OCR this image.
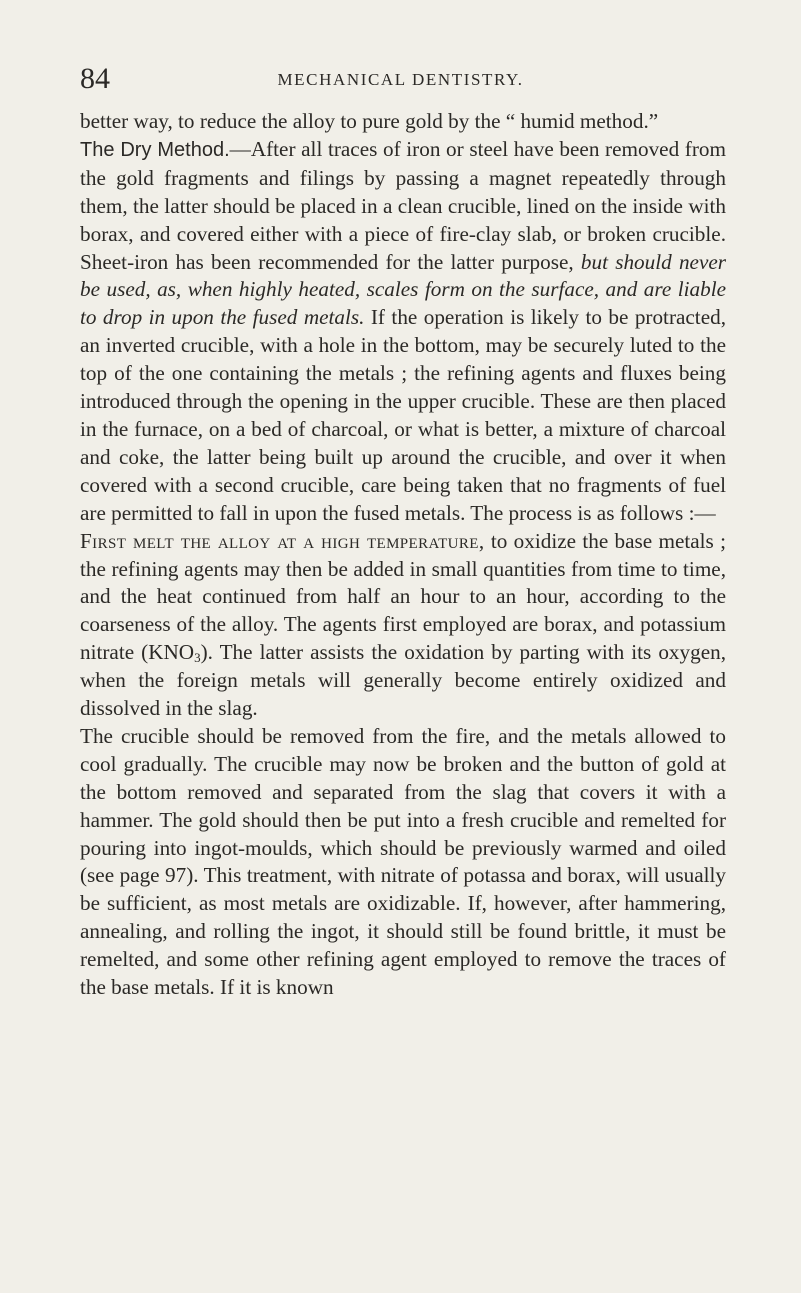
84	MECHANICAL DENTISTRY.

better way, to reduce the alloy to pure gold by the “ humid method.”

The Dry Method.—After all traces of iron or steel have been removed from the gold fragments and filings by passing a magnet repeatedly through them, the latter should be placed in a clean crucible, lined on the inside with borax, and covered either with a piece of fire-clay slab, or broken crucible. Sheet-iron has been recommended for the latter purpose, but should never be used, as, when highly heated, scales form on the surface, and are liable to drop in upon the fused metals. If the operation is likely to be protracted, an inverted crucible, with a hole in the bottom, may be securely luted to the top of the one containing the metals ; the refining agents and fluxes being introduced through the opening in the upper crucible. These are then placed in the furnace, on a bed of charcoal, or what is better, a mixture of charcoal and coke, the latter being built up around the crucible, and over it when covered with a second crucible, care being taken that no fragments of fuel are permitted to fall in upon the fused metals. The process is as follows :—

First melt the alloy at a high temperature, to oxidize the base metals ; the refining agents may then be added in small quantities from time to time, and the heat continued from half an hour to an hour, according to the coarseness of the alloy. The agents first employed are borax, and potassium nitrate $(KNO_3)$. The latter assists the oxidation by parting with its oxygen, when the foreign metals will generally become entirely oxidized and dissolved in the slag.

The crucible should be removed from the fire, and the metals allowed to cool gradually. The crucible may now be broken and the button of gold at the bottom removed and separated from the slag that covers it with a hammer. The gold should then be put into a fresh crucible and remelted for pouring into ingot-moulds, which should be previously warmed and oiled (see page 97). This treatment, with nitrate of potassa and borax, will usually be sufficient, as most metals are oxidizable. If, however, after hammering, annealing, and rolling the ingot, it should still be found brittle, it must be remelted, and some other refining agent employed to remove the traces of the base metals. If it is known
